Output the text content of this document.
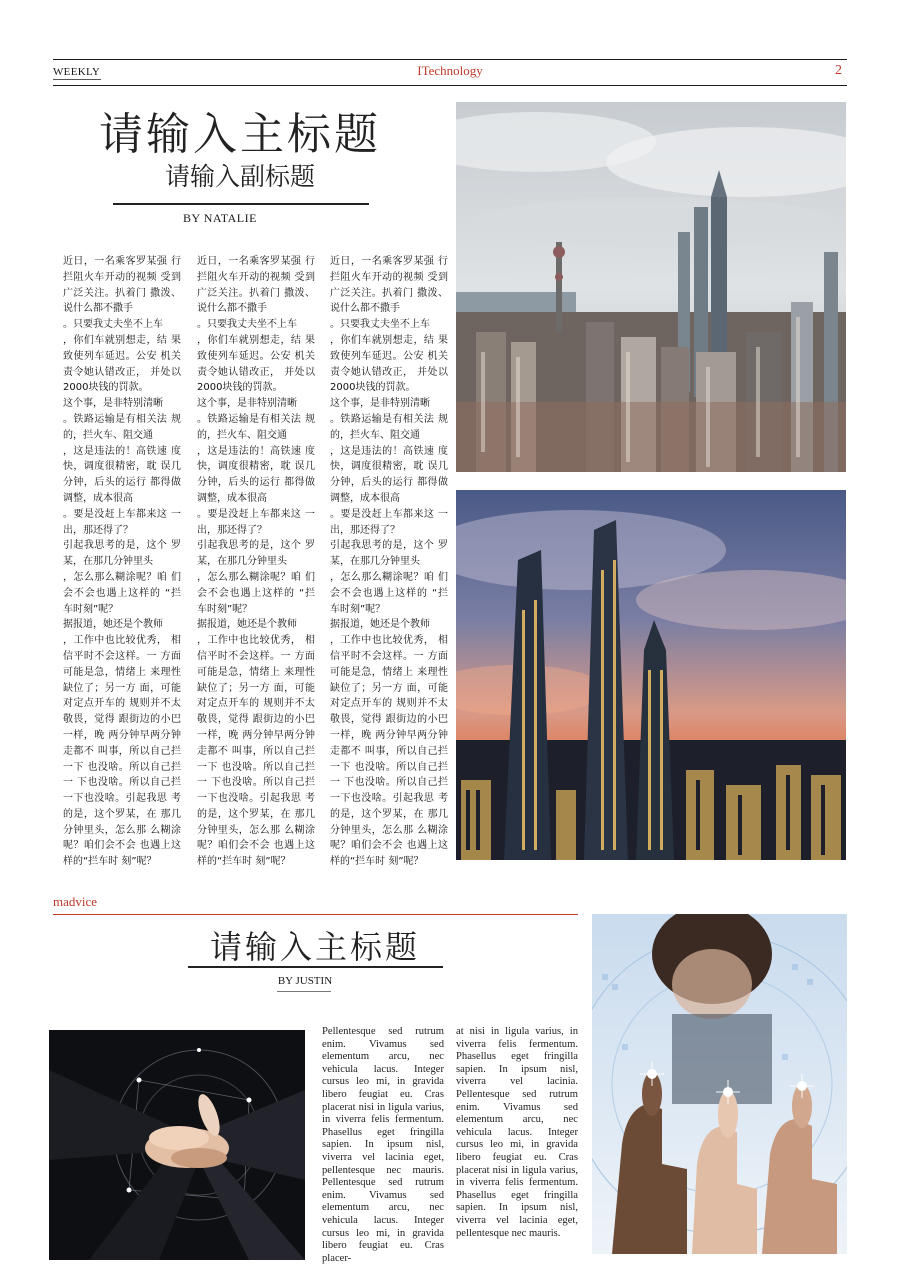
WEEKLY	ITechnology	2
请输入主标题
请输入副标题
BY NATALIE

近日，一名乘客罗某强 行拦阻火车开动的视频 受到广泛关注。扒着门 撒泼、说什么都不撒手

。只要我丈夫坐不上车

，你们车就别想走，结 果致使列车延迟。公安 机关责令她认错改正， 并处以 2000块钱的罚款。

这个事，是非特别清晰

。铁路运输是有相关法 规的，拦火车、阻交通

，这是违法的！高铁速 度快，调度很精密，耽 误几分钟，后头的运行 都得做调整，成本很高

。要是没赶上车都来这 一出，那还得了？

引起我思考的是，这个 罗某，在那几分钟里头

，怎么那么糊涂呢？咱 们会不会也遇上这样的 “拦车时刻”呢？

据报道，她还是个教师

，工作中也比较优秀， 相信平时不会这样。一 方面可能是急，情绪上 来理性缺位了；另一方 面，可能对定点开车的 规则并不太敬畏，觉得 跟街边的小巴一样，晚 两分钟早两分钟走都不 叫事，所以自己拦一下 也没啥。所以自己拦一 下也没啥。所以自己拦 一下也没啥。引起我思 考的是，这个罗某，在 那几分钟里头，怎么那 么糊涂呢？咱们会不会 也遇上这样的“拦车时 刻”呢？

近日，一名乘客罗某强 行拦阻火车开动的视频 受到广泛关注。扒着门 撒泼、说什么都不撒手

。只要我丈夫坐不上车

，你们车就别想走，结 果致使列车延迟。公安 机关责令她认错改正， 并处以 2000块钱的罚款。

这个事，是非特别清晰

。铁路运输是有相关法 规的，拦火车、阻交通

，这是违法的！高铁速 度快，调度很精密，耽 误几分钟，后头的运行 都得做调整，成本很高

。要是没赶上车都来这 一出，那还得了？

引起我思考的是，这个 罗某，在那几分钟里头

，怎么那么糊涂呢？咱 们会不会也遇上这样的 “拦车时刻”呢？

据报道，她还是个教师

，工作中也比较优秀， 相信平时不会这样。一 方面可能是急，情绪上 来理性缺位了；另一方 面，可能对定点开车的 规则并不太敬畏，觉得 跟街边的小巴一样，晚 两分钟早两分钟走都不 叫事，所以自己拦一下 也没啥。所以自己拦一 下也没啥。所以自己拦 一下也没啥。引起我思 考的是，这个罗某，在 那几分钟里头，怎么那 么糊涂呢？咱们会不会 也遇上这样的“拦车时 刻”呢？

近日，一名乘客罗某强 行拦阻火车开动的视频 受到广泛关注。扒着门 撒泼、说什么都不撒手

。只要我丈夫坐不上车

，你们车就别想走，结 果致使列车延迟。公安 机关责令她认错改正， 并处以 2000块钱的罚款。

这个事，是非特别清晰

。铁路运输是有相关法 规的，拦火车、阻交通

，这是违法的！高铁速 度快，调度很精密，耽 误几分钟，后头的运行 都得做调整，成本很高

。要是没赶上车都来这 一出，那还得了？

引起我思考的是，这个 罗某，在那几分钟里头

，怎么那么糊涂呢？咱 们会不会也遇上这样的 “拦车时刻”呢？

据报道，她还是个教师

，工作中也比较优秀， 相信平时不会这样。一 方面可能是急，情绪上 来理性缺位了；另一方 面，可能对定点开车的 规则并不太敬畏，觉得 跟街边的小巴一样，晚 两分钟早两分钟走都不 叫事，所以自己拦一下 也没啥。所以自己拦一 下也没啥。所以自己拦 一下也没啥。引起我思 考的是，这个罗某，在 那几分钟里头，怎么那 么糊涂呢？咱们会不会 也遇上这样的“拦车时 刻”呢？

madvice
请输入主标题
BY JUSTIN
Pellentesque sed rutrum enim. Vivamus sed elementum arcu, nec vehicula lacus. Integer cursus leo mi, in gravida libero feugiat eu. Cras placerat nisi in ligula varius, in viverra felis fermentum. Phasellus eget fringilla sapien. In ipsum nisl, viverra vel lacinia eget, pellentesque nec mauris. Pellentesque sed rutrum enim. Vivamus sed elementum arcu, nec vehicula lacus. Integer cursus leo mi, in gravida libero feugiat eu. Cras placer-
at nisi in ligula varius, in viverra felis fermentum. Phasellus eget fringilla sapien. In ipsum nisl, viverra vel lacinia. Pellentesque sed rutrum enim. Vivamus sed elementum arcu, nec vehicula lacus. Integer cursus leo mi, in gravida libero feugiat eu. Cras placerat nisi in ligula varius, in viverra felis fermentum. Phasellus eget fringilla sapien. In ipsum nisl, viverra vel lacinia eget, pellentesque nec mauris.
